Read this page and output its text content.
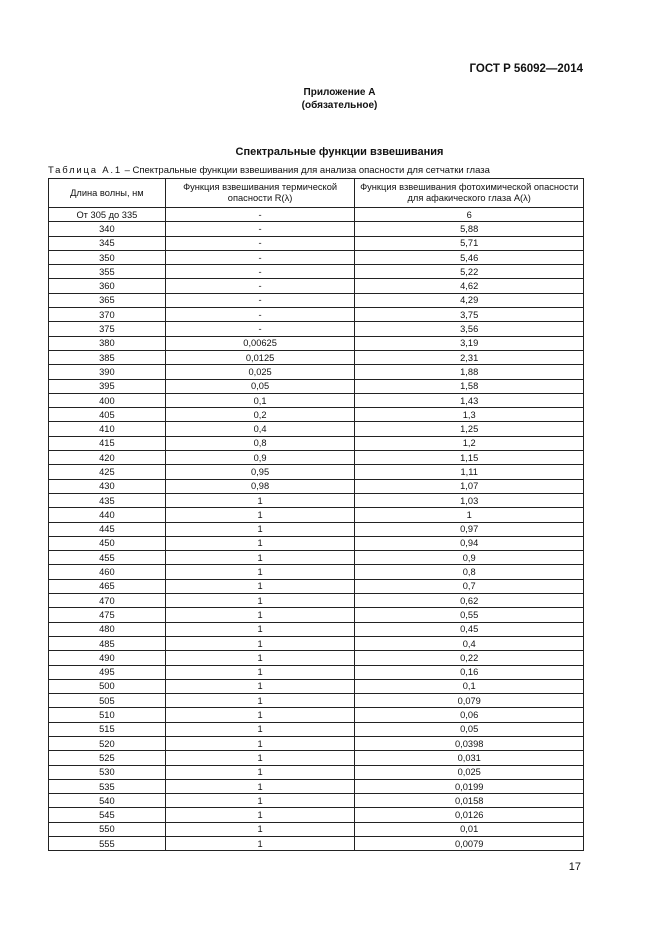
ГОСТ Р 56092—2014
Приложение А
(обязательное)
Спектральные функции взвешивания
Таблица А.1 – Спектральные функции взвешивания для анализа опасности для сетчатки глаза
Длина волны, нм	Функция взвешивания термической опасности R(λ)	Функция взвешивания фотохимической опасности для афакического глаза A(λ)
От 305 до 335	-	6
340	-	5,88
345	-	5,71
350	-	5,46
355	-	5,22
360	-	4,62
365	-	4,29
370	-	3,75
375	-	3,56
380	0,00625	3,19
385	0,0125	2,31
390	0,025	1,88
395	0,05	1,58
400	0,1	1,43
405	0,2	1,3
410	0,4	1,25
415	0,8	1,2
420	0,9	1,15
425	0,95	1,11
430	0,98	1,07
435	1	1,03
440	1	1
445	1	0,97
450	1	0,94
455	1	0,9
460	1	0,8
465	1	0,7
470	1	0,62
475	1	0,55
480	1	0,45
485	1	0,4
490	1	0,22
495	1	0,16
500	1	0,1
505	1	0,079
510	1	0,06
515	1	0,05
520	1	0,0398
525	1	0,031
530	1	0,025
535	1	0,0199
540	1	0,0158
545	1	0,0126
550	1	0,01
555	1	0,0079
17
